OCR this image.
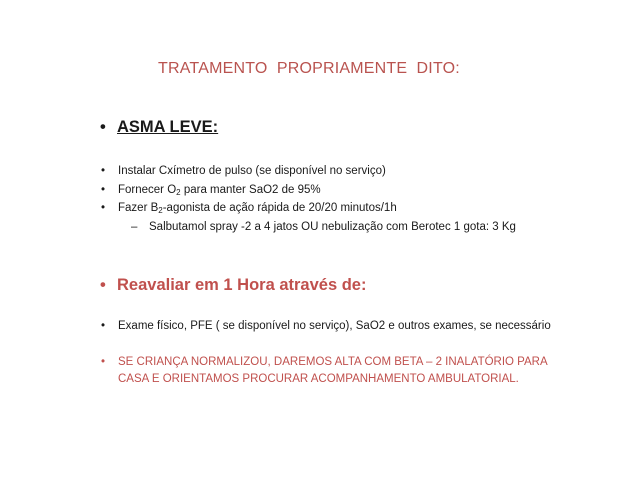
TRATAMENTO  PROPRIAMENTE  DITO:
• ASMA LEVE:
• Instalar Cxímetro de pulso (se disponível no serviço)
• Fornecer $O_2$ para manter SaO2 de 95%
• Fazer $B_2$-agonista de ação rápida de 20/20 minutos/1h
– Salbutamol spray -2 a 4 jatos OU nebulização com Berotec 1 gota: 3 Kg
• Reavaliar em 1 Hora através de:
• Exame físico, PFE ( se disponível no serviço), SaO2 e outros exames, se necessário
• SE CRIANÇA NORMALIZOU, DAREMOS ALTA COM BETA – 2 INALATÓRIO PARA
CASA E ORIENTAMOS PROCURAR ACOMPANHAMENTO AMBULATORIAL.
